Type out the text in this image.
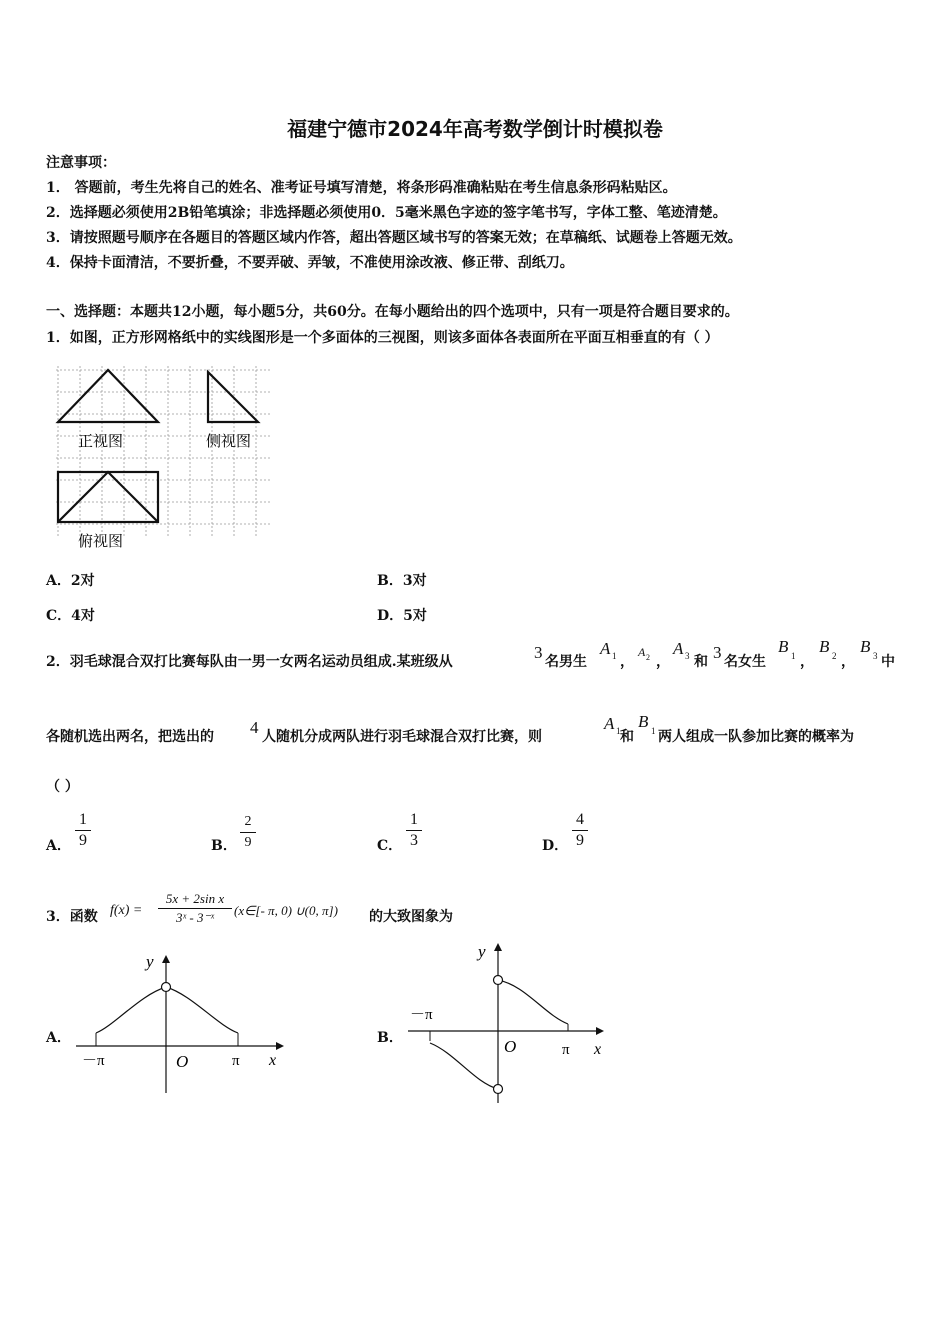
福建宁德市2024年高考数学倒计时模拟卷
注意事项：
1． 答题前，考生先将自己的姓名、准考证号填写清楚，将条形码准确粘贴在考生信息条形码粘贴区。
2．选择题必须使用2B铅笔填涂；非选择题必须使用0．5毫米黑色字迹的签字笔书写，字体工整、笔迹清楚。
3．请按照题号顺序在各题目的答题区域内作答，超出答题区域书写的答案无效；在草稿纸、试题卷上答题无效。
4．保持卡面清洁，不要折叠，不要弄破、弄皱，不准使用涂改液、修正带、刮纸刀。
一、选择题：本题共12小题，每小题5分，共60分。在每小题给出的四个选项中，只有一项是符合题目要求的。
1．如图，正方形网格纸中的实线图形是一个多面体的三视图，则该多面体各表面所在平面互相垂直的有（ ）
正视图	侧视图
俯视图
A．2对	B．3对
C．4对	D．5对
2．羽毛球混合双打比赛每队由一男一女两名运动员组成.某班级从	3 名男生
A 1 ，
A 2 ，
A 3 和 3 名女生
B 1 ，
B 2 ，
B 3 中
各随机选出两名，把选出的 4 人随机分成两队进行羽毛球混合双打比赛，则
A 1 和
B 1 两人组成一队参加比赛的概率为
（ ）
A．
1
9	B．
2
9	C．
1
3	D．
4
9
3．函数 f(x) =
5x + 2sin x
3ˣ - 3⁻ˣ	(x∈[- π, 0) ∪(0, π]) 的大致图象为
A．
y
O	x
－π	π
B．
y
O	x
－π
π
